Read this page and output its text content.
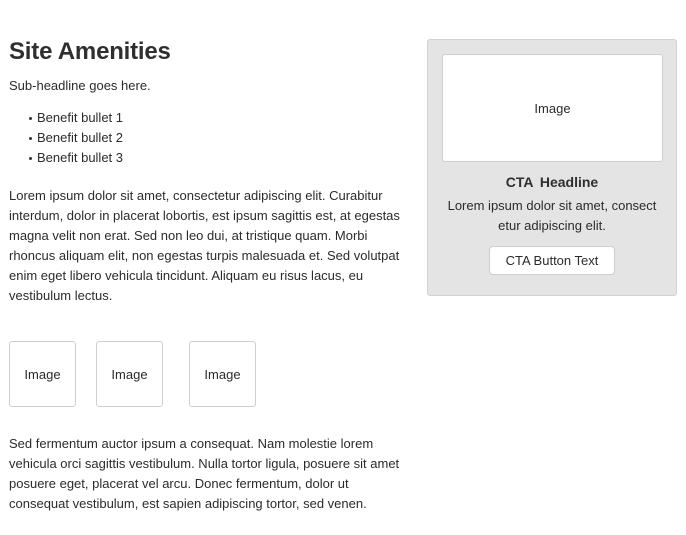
Site Amenities

Sub-headline goes here.

Benefit bullet 1
Benefit bullet 2
Benefit bullet 3

Lorem ipsum dolor sit amet, consectetur adipiscing elit. Curabitur interdum, dolor in placerat lobortis, est ipsum sagittis est, at egestas magna velit non erat. Sed non leo dui, at tristique quam. Morbi rhoncus aliquam elit, non egestas turpis malesuada et. Sed volutpat enim eget libero vehicula tincidunt. Aliquam eu risus lacus, eu vestibulum lectus.

Image	Image	Image

Sed fermentum auctor ipsum a consequat. Nam molestie lorem vehicula orci sagittis vestibulum. Nulla tortor ligula, posuere sit amet posuere eget, placerat vel arcu. Donec fermentum, dolor ut consequat vestibulum, est sapien adipiscing tortor, sed venen.

Image
CTA Headline
Lorem ipsum dolor sit amet, consectetur adipiscing elit.
CTA Button Text
